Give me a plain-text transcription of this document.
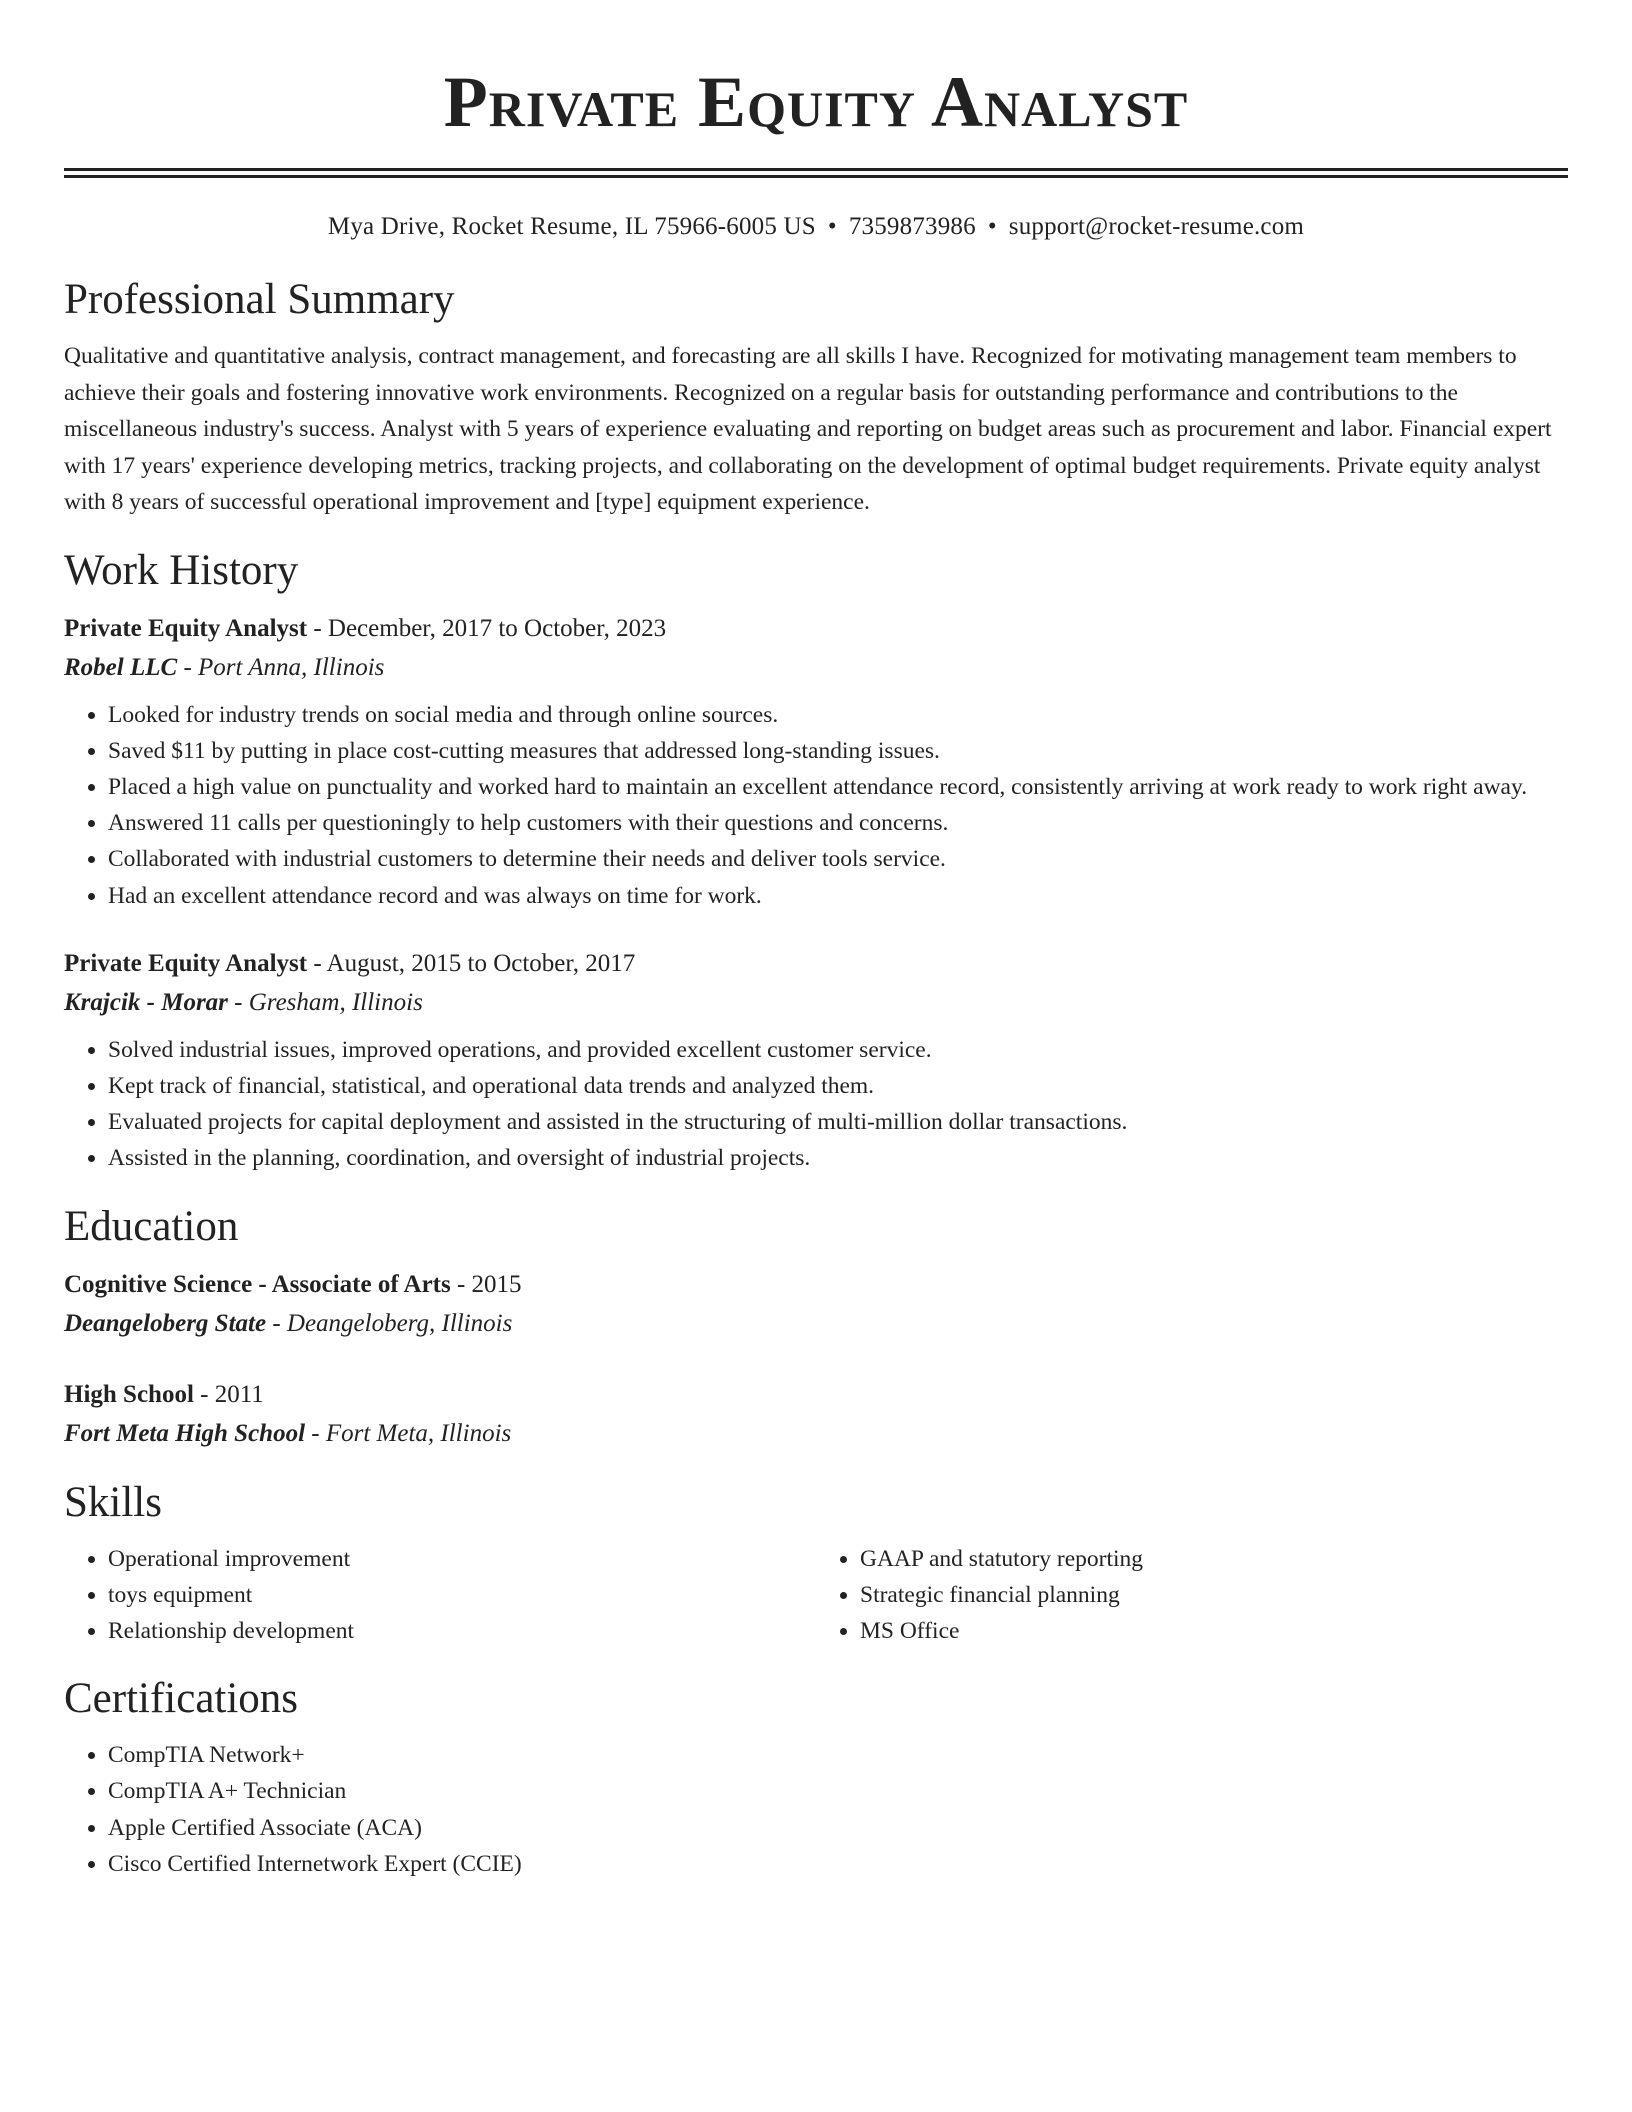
Private Equity Analyst
Mya Drive, Rocket Resume, IL 75966-6005 US • 7359873986 • support@rocket-resume.com
Professional Summary

Qualitative and quantitative analysis, contract management, and forecasting are all skills I have. Recognized for motivating management team members to achieve their goals and fostering innovative work environments. Recognized on a regular basis for outstanding performance and contributions to the miscellaneous industry's success. Analyst with 5 years of experience evaluating and reporting on budget areas such as procurement and labor. Financial expert with 17 years' experience developing metrics, tracking projects, and collaborating on the development of optimal budget requirements. Private equity analyst with 8 years of successful operational improvement and [type] equipment experience.

Work History
Private Equity Analyst - December, 2017 to October, 2023
Robel LLC - Port Anna, Illinois
• Looked for industry trends on social media and through online sources.
• Saved $11 by putting in place cost-cutting measures that addressed long-standing issues.
• Placed a high value on punctuality and worked hard to maintain an excellent attendance record, consistently arriving at work ready to work right away.
• Answered 11 calls per questioningly to help customers with their questions and concerns.
• Collaborated with industrial customers to determine their needs and deliver tools service.
• Had an excellent attendance record and was always on time for work.
Private Equity Analyst - August, 2015 to October, 2017
Krajcik - Morar - Gresham, Illinois
• Solved industrial issues, improved operations, and provided excellent customer service.
• Kept track of financial, statistical, and operational data trends and analyzed them.
• Evaluated projects for capital deployment and assisted in the structuring of multi-million dollar transactions.
• Assisted in the planning, coordination, and oversight of industrial projects.
Education
Cognitive Science - Associate of Arts - 2015
Deangeloberg State - Deangeloberg, Illinois
High School - 2011
Fort Meta High School - Fort Meta, Illinois
Skills
• Operational improvement
• toys equipment
• Relationship development
• GAAP and statutory reporting
• Strategic financial planning
• MS Office
Certifications
• CompTIA Network+
• CompTIA A+ Technician
• Apple Certified Associate (ACA)
• Cisco Certified Internetwork Expert (CCIE)
